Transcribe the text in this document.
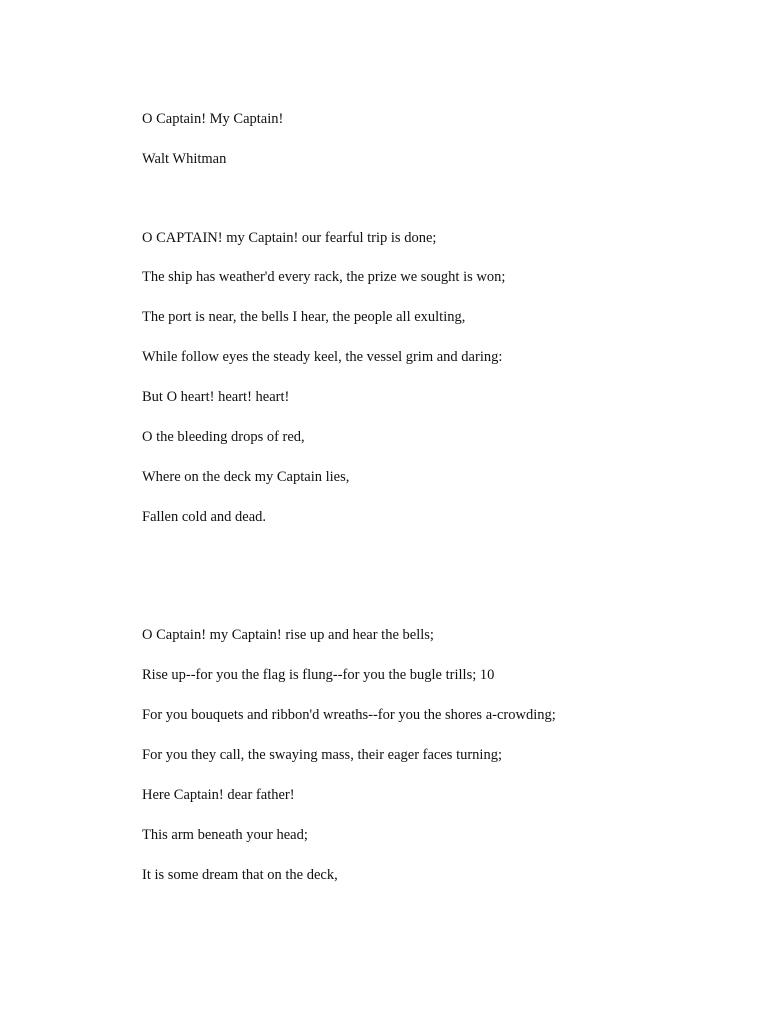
O Captain! My Captain!

Walt Whitman

O CAPTAIN! my Captain! our fearful trip is done;

The ship has weather'd every rack, the prize we sought is won;

The port is near, the bells I hear, the people all exulting,

While follow eyes the steady keel, the vessel grim and daring:

But O heart! heart! heart!

O the bleeding drops of red,

Where on the deck my Captain lies,

Fallen cold and dead.

O Captain! my Captain! rise up and hear the bells;

Rise up--for you the flag is flung--for you the bugle trills; 10

For you bouquets and ribbon'd wreaths--for you the shores a-crowding;

For you they call, the swaying mass, their eager faces turning;

Here Captain! dear father!

This arm beneath your head;

It is some dream that on the deck,
